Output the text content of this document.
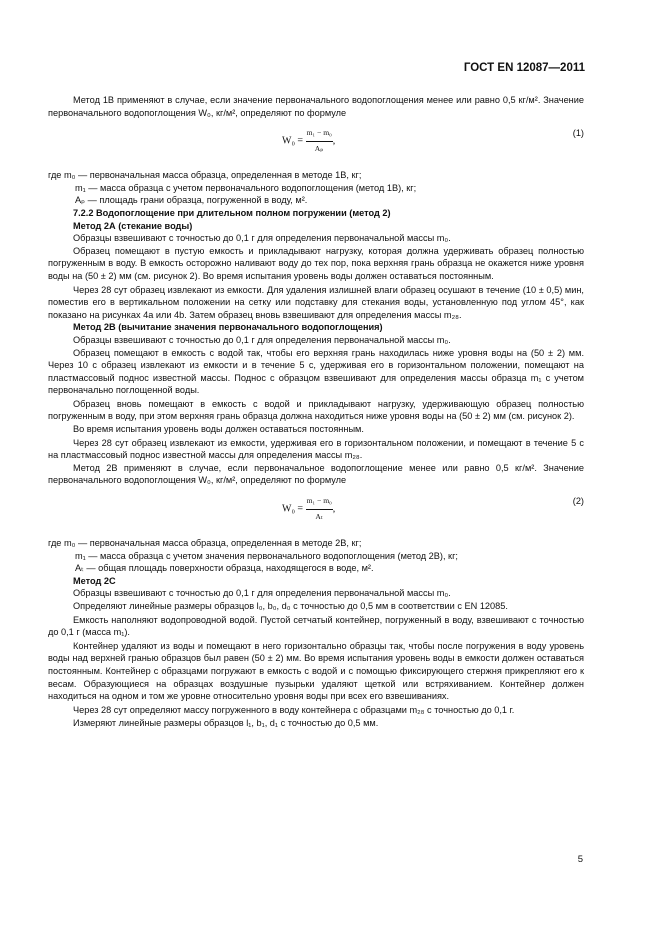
ГОСТ EN 12087—2011

Метод 1В применяют в случае, если значение первоначального водопоглощения менее или равно 0,5 кг/м². Значение первоначального водопоглощения W₀, кг/м², определяют по формуле

$W_0 = \frac{\text{m₁ − m₀}}{\text{Aₚ}}$ ,
(1)

где m₀ — первоначальная масса образца, определенная в методе 1В, кг;

m₁ — масса образца с учетом первоначального водопоглощения (метод 1В), кг;

Aₚ — площадь грани образца, погруженной в воду, м².

7.2.2 Водопоглощение при длительном полном погружении (метод 2)

Метод 2А (стекание воды)

Образцы взвешивают с точностью до 0,1 г для определения первоначальной массы m₀.

Образец помещают в пустую емкость и прикладывают нагрузку, которая должна удерживать образец полностью погруженным в воду. В емкость осторожно наливают воду до тех пор, пока верхняя грань образца не окажется ниже уровня воды на (50 ± 2) мм (см. рисунок 2). Во время испытания уровень воды должен оставаться постоянным.

Через 28 сут образец извлекают из емкости. Для удаления излишней влаги образец осушают в течение (10 ± 0,5) мин, поместив его в вертикальном положении на сетку или подставку для стекания воды, установленную под углом 45°, как показано на рисунках 4а или 4b. Затем образец вновь взвешивают для определения массы m₂₈.

Метод 2В (вычитание значения первоначального водопоглощения)

Образцы взвешивают с точностью до 0,1 г для определения первоначальной массы m₀.

Образец помещают в емкость с водой так, чтобы его верхняя грань находилась ниже уровня воды на (50 ± 2) мм. Через 10 с образец извлекают из емкости и в течение 5 с, удерживая его в горизонтальном положении, помещают на пластмассовый поднос известной массы. Поднос с образцом взвешивают для определения массы образца m₁ с учетом первоначально поглощенной воды.

Образец вновь помещают в емкость с водой и прикладывают нагрузку, удерживающую образец полностью погруженным в воду, при этом верхняя грань образца должна находиться ниже уровня воды на (50 ± 2) мм (см. рисунок 2).

Во время испытания уровень воды должен оставаться постоянным.

Через 28 сут образец извлекают из емкости, удерживая его в горизонтальном положении, и помещают в течение 5 с на пластмассовый поднос известной массы для определения массы m₂₈.

Метод 2В применяют в случае, если первоначальное водопоглощение менее или равно 0,5 кг/м². Значение первоначального водопоглощения W₀, кг/м², определяют по формуле

$W_0 = \frac{\text{m₁ − m₀}}{\text{Aₜ}}$ ,
(2)

где m₀ — первоначальная масса образца, определенная в методе 2В, кг;

m₁ — масса образца с учетом значения первоначального водопоглощения (метод 2В), кг;

Aₜ — общая площадь поверхности образца, находящегося в воде, м².

Метод 2С

Образцы взвешивают с точностью до 0,1 г для определения первоначальной массы m₀.

Определяют линейные размеры образцов l₀, b₀, d₀ с точностью до 0,5 мм в соответствии с EN 12085.

Емкость наполняют водопроводной водой. Пустой сетчатый контейнер, погруженный в воду, взвешивают с точностью до 0,1 г (масса m₁).

Контейнер удаляют из воды и помещают в него горизонтально образцы так, чтобы после погружения в воду уровень воды над верхней гранью образцов был равен (50 ± 2) мм. Во время испытания уровень воды в емкости должен оставаться постоянным. Контейнер с образцами погружают в емкость с водой и с помощью фиксирующего стержня прикрепляют его к весам. Образующиеся на образцах воздушные пузырьки удаляют щеткой или встряхиванием. Контейнер должен находиться на одном и том же уровне относительно уровня воды при всех его взвешиваниях.

Через 28 сут определяют массу погруженного в воду контейнера с образцами m₂₈ с точностью до 0,1 г.

Измеряют линейные размеры образцов l₁, b₁, d₁ с точностью до 0,5 мм.

5
